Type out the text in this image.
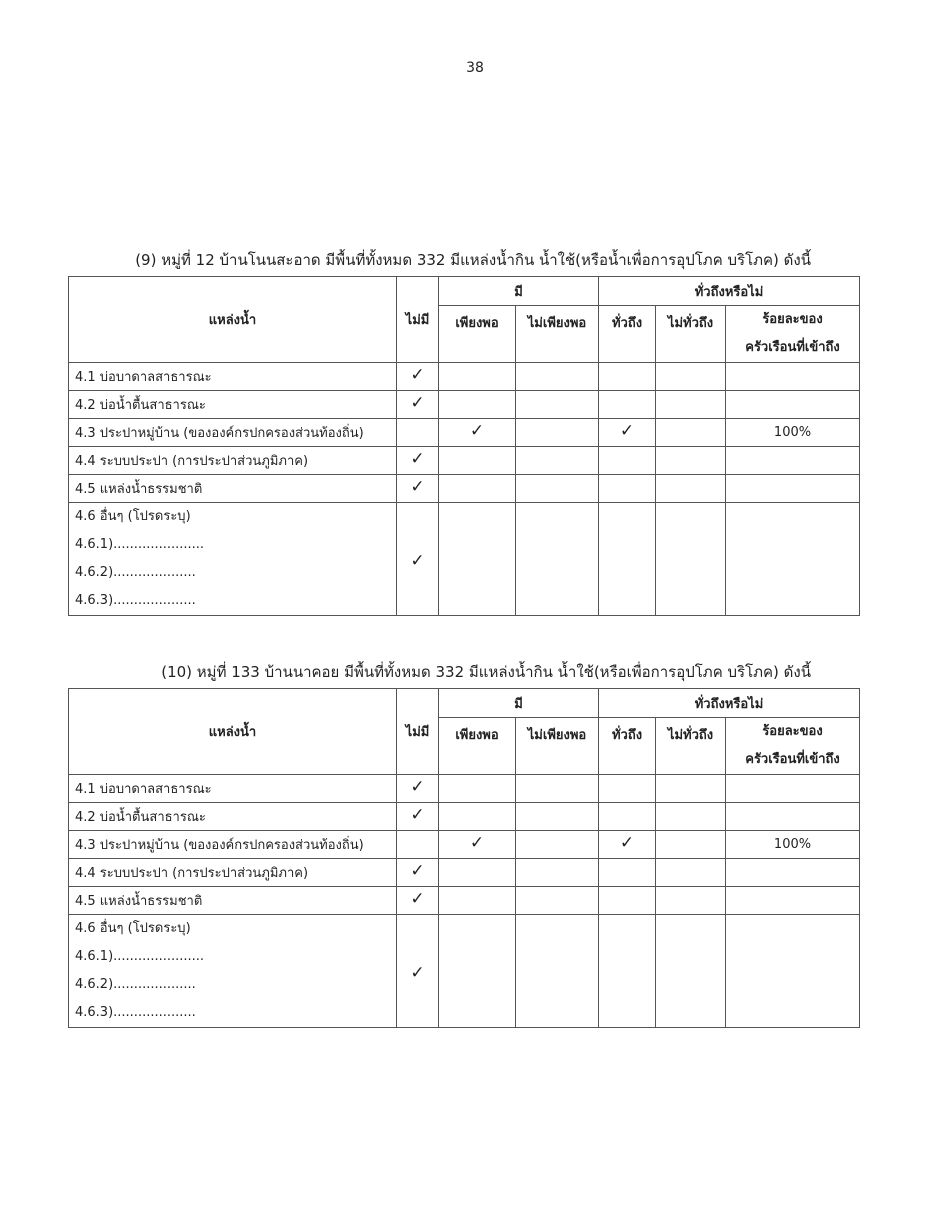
38
(9) หมู่ที่ 12 บ้านโนนสะอาด มีพื้นที่ทั้งหมด 332 มีแหล่งน้ำกิน น้ำใช้(หรือน้ำเพื่อการอุปโภค บริโภค) ดังนี้
แหล่งน้ำ	ไม่มี	มี		ทั่วถึงหรือไม่		
		เพียงพอ	ไม่เพียงพอ	ทั่วถึง	ไม่ทั่วถึง	ร้อยละของ
ครัวเรือนที่เข้าถึง

4.1 บ่อบาดาลสาธารณะ	✓					
4.2 บ่อน้ำตื้นสาธารณะ	✓					
4.3 ประปาหมู่บ้าน (ขององค์กรปกครองส่วนท้องถิ่น)		✓		✓		100%
4.4 ระบบประปา (การประปาส่วนภูมิภาค)	✓					
4.5 แหล่งน้ำธรรมชาติ	✓					

4.6 อื่นๆ (โปรดระบุ)
4.6.1)......................
4.6.2)....................
4.6.3)....................	✓					
(10) หมู่ที่ 133 บ้านนาคอย มีพื้นที่ทั้งหมด 332 มีแหล่งน้ำกิน น้ำใช้(หรือเพื่อการอุปโภค บริโภค) ดังนี้
แหล่งน้ำ	ไม่มี	มี		ทั่วถึงหรือไม่		
		เพียงพอ	ไม่เพียงพอ	ทั่วถึง	ไม่ทั่วถึง	ร้อยละของ
ครัวเรือนที่เข้าถึง

4.1 บ่อบาดาลสาธารณะ	✓					
4.2 บ่อน้ำตื้นสาธารณะ	✓					
4.3 ประปาหมู่บ้าน (ขององค์กรปกครองส่วนท้องถิ่น)		✓		✓		100%
4.4 ระบบประปา (การประปาส่วนภูมิภาค)	✓					
4.5 แหล่งน้ำธรรมชาติ	✓					

4.6 อื่นๆ (โปรดระบุ)
4.6.1)......................
4.6.2)....................
4.6.3)....................	✓					
